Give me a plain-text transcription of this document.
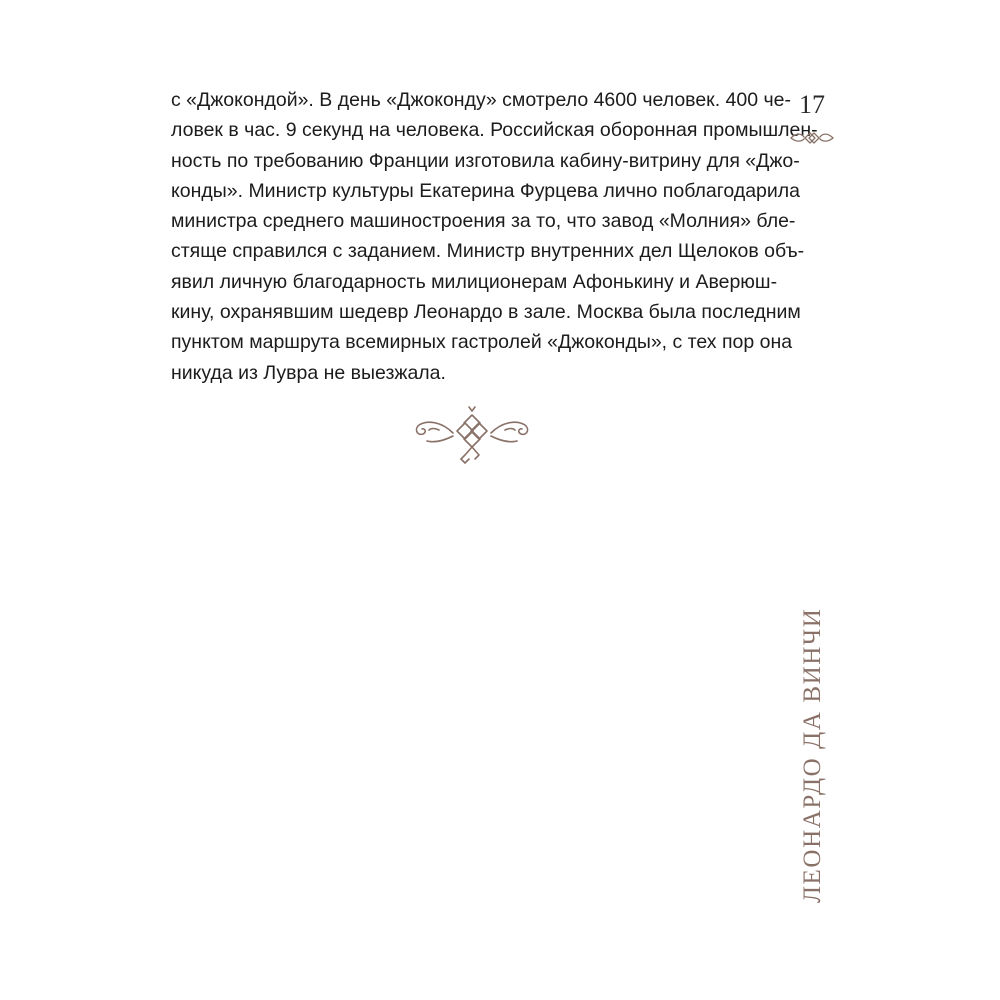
с «Джокондой». В день «Джоконду» смотрело 4600 человек. 400 че-
ловек в час. 9 секунд на человека. Российская оборонная промышлен-
ность по требованию Франции изготовила кабину-витрину для «Джо-
конды». Министр культуры Екатерина Фурцева лично поблагодарила
министра среднего машиностроения за то, что завод «Молния» бле-
стяще справился с заданием. Министр внутренних дел Щелоков объ-
явил личную благодарность милиционерам Афонькину и Аверюш-
кину, охранявшим шедевр Леонардо в зале. Москва была последним
пунктом маршрута всемирных гастролей «Джоконды», с тех пор она
никуда из Лувра не выезжала.
17
ЛЕОНАРДО ДА ВИНЧИ
